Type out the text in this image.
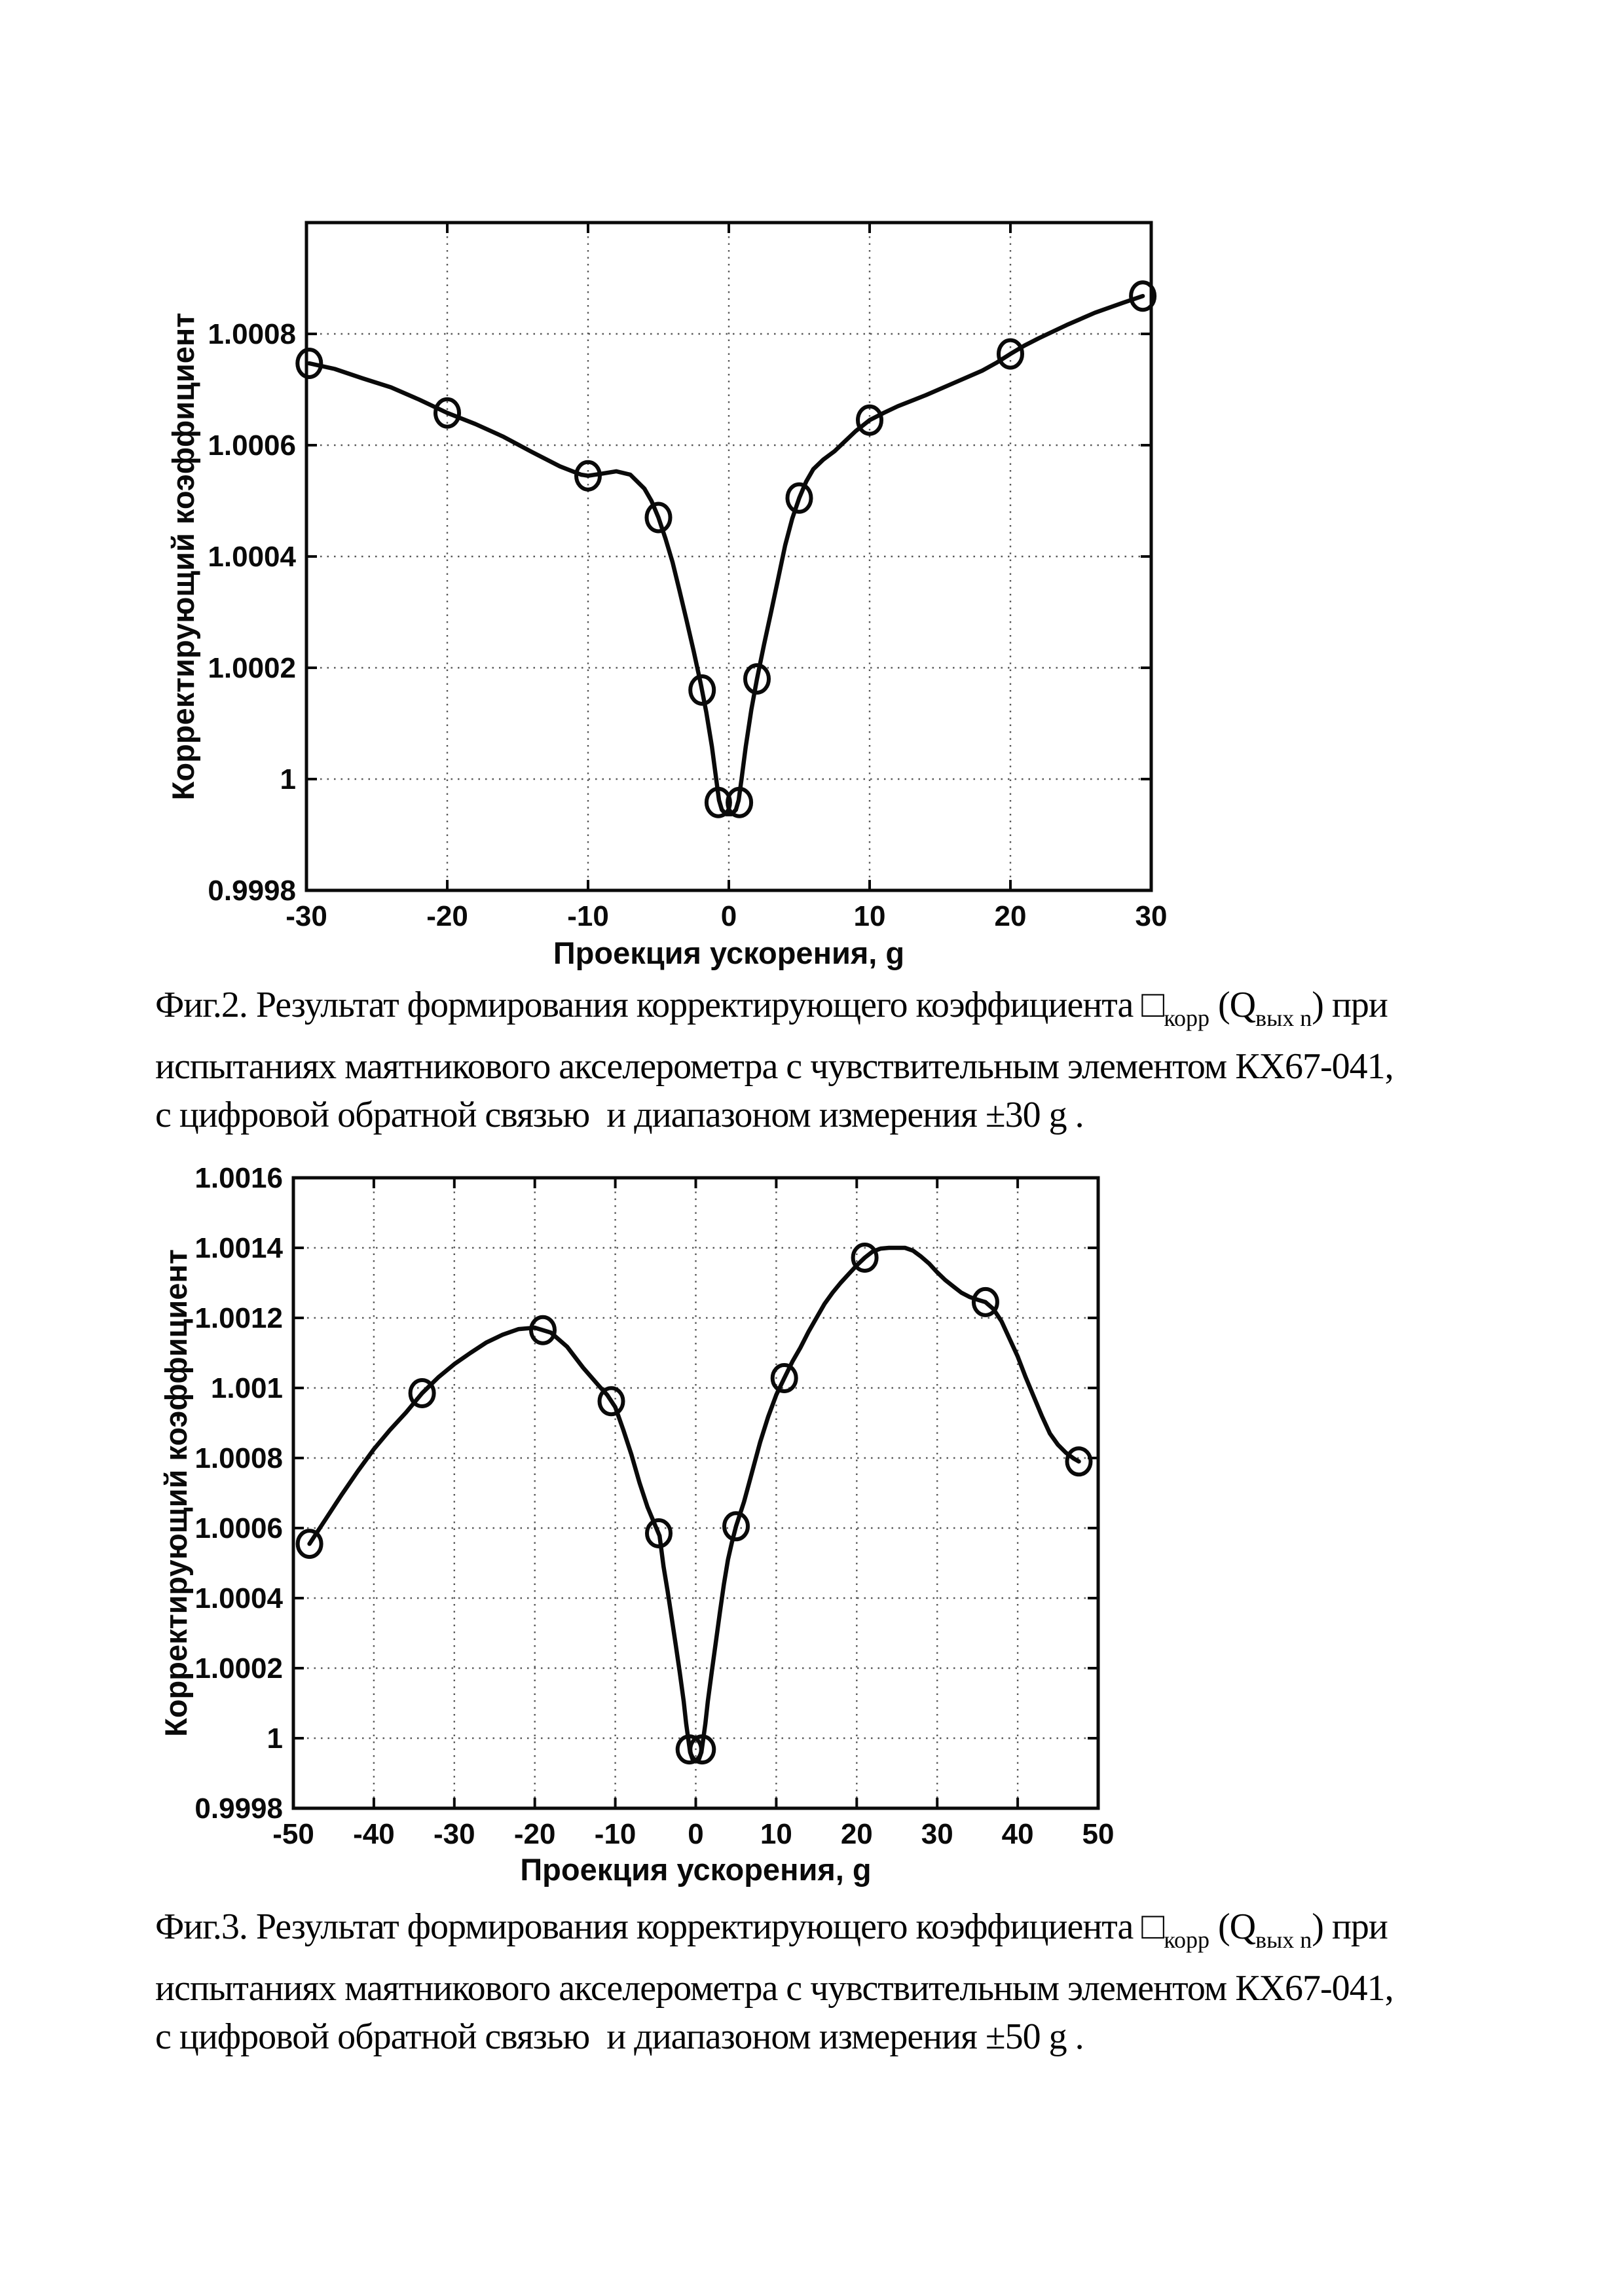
-30	-20	-10	0	10	20	30
0.9998
1
1.0002
1.0004
1.0006
1.0008
Проекция ускорения, g
Корректирующий коэффициент
Фиг.2. Результат формирования корректирующего коэффициента $□_{корр}$ $(Q_{вых n})$ при
испытаниях маятникового акселерометра с чувствительным элементом КХ67-041,
с цифровой обратной связью  и диапазоном измерения ±30 g .
-50 -40 -30 -20 -10 0 10 20 30 40 50
0.9998
1
1.0002
1.0004
1.0006
1.0008
1.001
1.0012
1.0014
1.0016
Проекция ускорения, g
Корректирующий коэффициент
Фиг.3. Результат формирования корректирующего коэффициента $□_{корр}$ $(Q_{вых n})$ при
испытаниях маятникового акселерометра с чувствительным элементом КХ67-041,
с цифровой обратной связью  и диапазоном измерения ±50 g .
